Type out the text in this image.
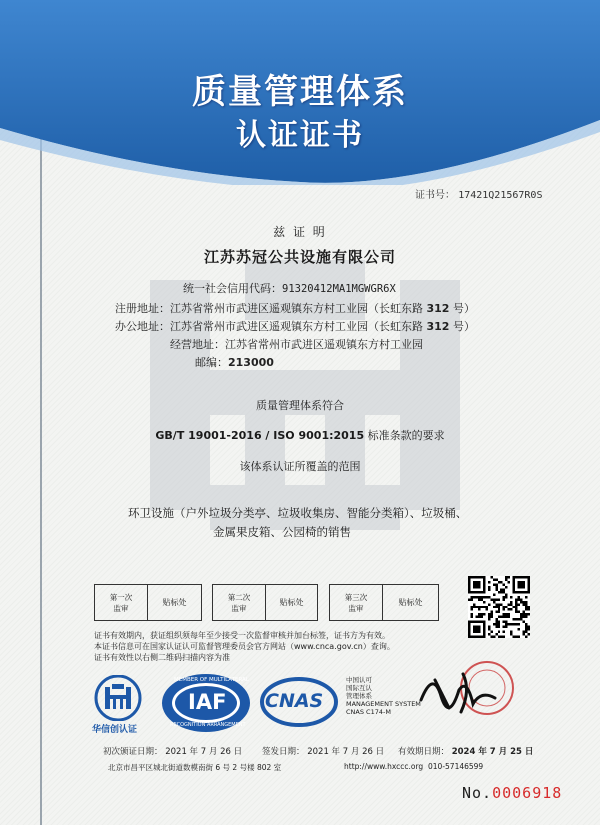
质量管理体系
认证证书
证书号： 17421Q21567R0S
兹 证 明
江苏苏冠公共设施有限公司
统一社会信用代码：91320412MA1MGWGR6X
注册地址：江苏省常州市武进区遥观镇东方村工业园（长虹东路 312 号）
办公地址：江苏省常州市武进区遥观镇东方村工业园（长虹东路 312 号）
经营地址：江苏省常州市武进区遥观镇东方村工业园
邮编：213000
质量管理体系符合
GB/T 19001-2016 / ISO 9001:2015 标准条款的要求
该体系认证所覆盖的范围
环卫设施（户外垃圾分类亭、垃圾收集房、智能分类箱）、垃圾桶、
金属果皮箱、公园椅的销售
第一次
监审
贴标处
第二次
监审
贴标处
第三次
监审
贴标处
证书有效期内，获证组织须每年至少接受一次监督审核并加台标签，证书方为有效。
本证书信息可在国家认证认可监督管理委员会官方网站（www.cnca.gov.cn）查询。
证书有效性以右侧二维码扫描内容为准
华信创认证
MEMBER OF MULTILATERAL
IAF
RECOGNITION ARRANGEMENT
CNAS
中国认可
国际互认
管理体系
MANAGEMENT SYSTEM
CNAS C174-M
初次颁证日期： 2021 年 7 月 26 日 签发日期： 2021 年 7 月 26 日 有效期日期： 2024 年 7 月 25 日
北京市昌平区城北街道数模南街 6 号 2 号楼 802 室	http://www.hxccc.org 010-57146599
No.0006918
